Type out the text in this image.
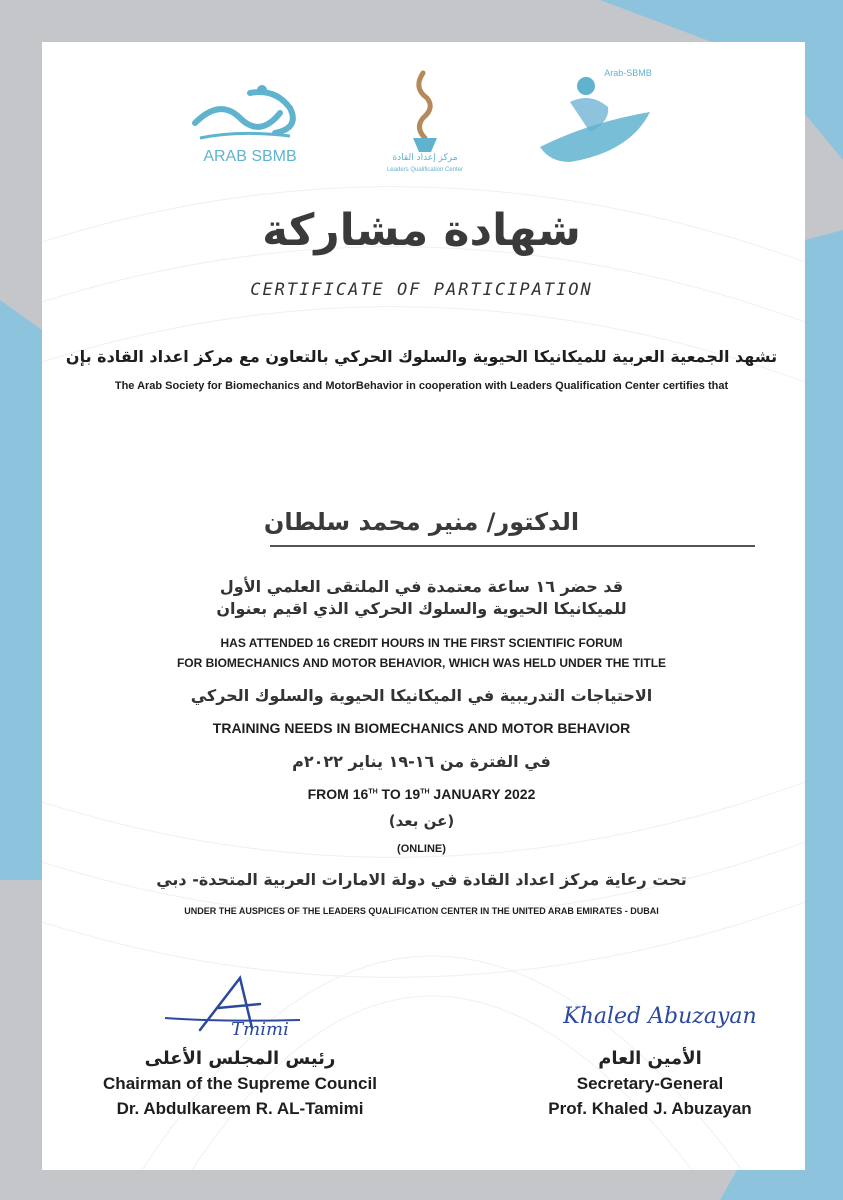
ARAB SBMB	مركز إعداد القادة
Leaders Qualification Center
Arab-SBMB

شهادة مشاركة

CERTIFICATE OF PARTICIPATION

تشهد الجمعية العربية للميكانيكا الحيوية والسلوك الحركي بالتعاون مع مركز اعداد القادة بإن

The Arab Society for Biomechanics and MotorBehavior in cooperation with Leaders Qualification Center certifies that

الدكتور/ منير محمد سلطان

قد حضر ١٦ ساعة معتمدة في الملتقى العلمي الأول

للميكانيكا الحيوية والسلوك الحركي الذي اقيم بعنوان

HAS ATTENDED 16 CREDIT HOURS IN THE FIRST SCIENTIFIC FORUM

FOR BIOMECHANICS AND MOTOR BEHAVIOR, WHICH WAS HELD UNDER THE TITLE

الاحتياجات التدريبية في الميكانيكا الحيوية والسلوك الحركي

TRAINING NEEDS IN BIOMECHANICS AND MOTOR BEHAVIOR

في الفترة من ١٦-١٩ يناير ٢٠٢٢م

FROM 16TH TO 19TH JANUARY 2022

(عن بعد)

(ONLINE)

تحت رعاية مركز اعداد القادة في دولة الامارات العربية المتحدة- دبي

UNDER THE AUSPICES OF THE LEADERS QUALIFICATION CENTER IN THE UNITED ARAB EMIRATES - DUBAI

Tmimi

رئيس المجلس الأعلى

Chairman of the Supreme Council

Dr. Abdulkareem R. AL-Tamimi

Khaled Abuzayan

الأمين العام

Secretary-General

Prof. Khaled J. Abuzayan
